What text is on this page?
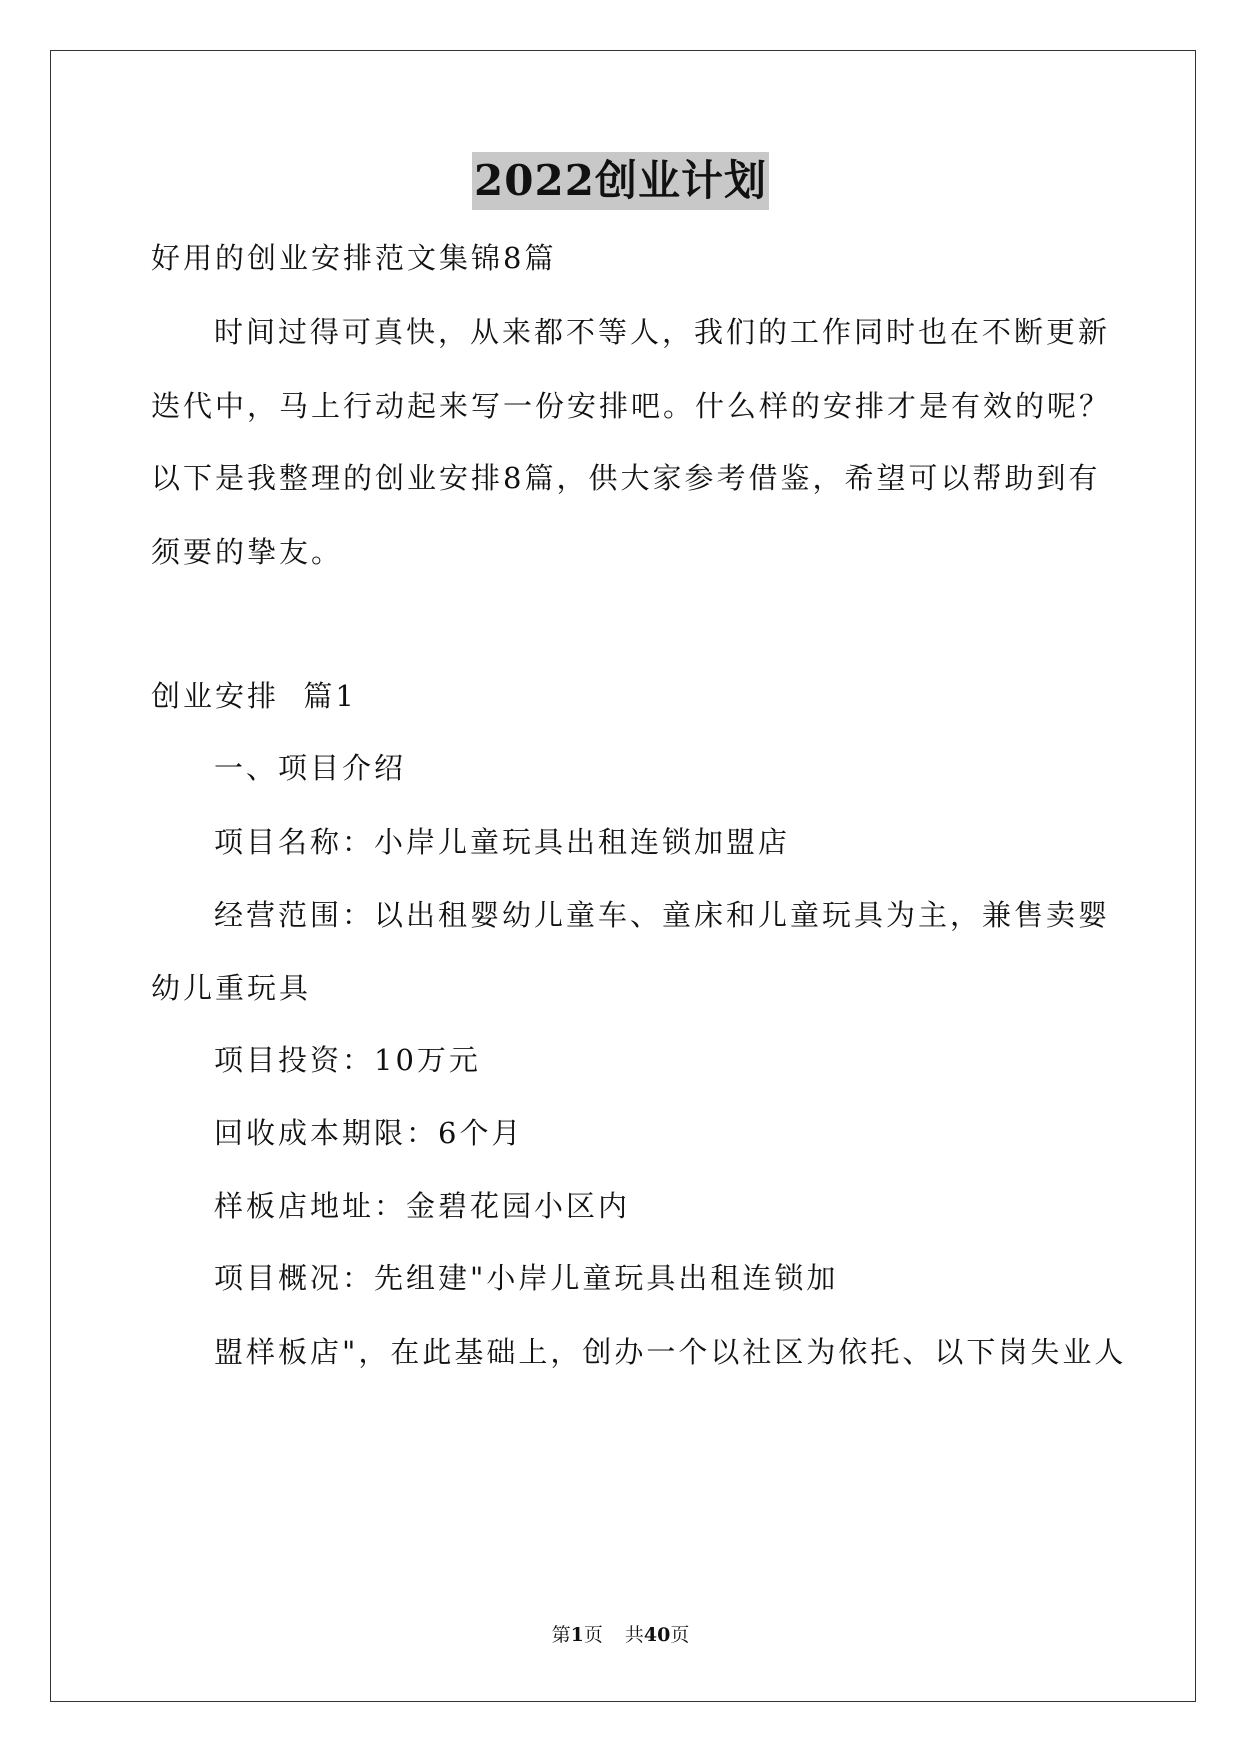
2022创业计划
好用的创业安排范文集锦8篇
时间过得可真快，从来都不等人，我们的工作同时也在不断更新
迭代中，马上行动起来写一份安排吧。什么样的安排才是有效的呢？
以下是我整理的创业安排8篇，供大家参考借鉴，希望可以帮助到有
须要的挚友。
创业安排  篇1
一、项目介绍
项目名称：小岸儿童玩具出租连锁加盟店
经营范围：以出租婴幼儿童车、童床和儿童玩具为主，兼售卖婴
幼儿重玩具
项目投资：10万元
回收成本期限：6个月
样板店地址：金碧花园小区内
项目概况：先组建"小岸儿童玩具出租连锁加
盟样板店"，在此基础上，创办一个以社区为依托、以下岗失业人
第1页 共40页
